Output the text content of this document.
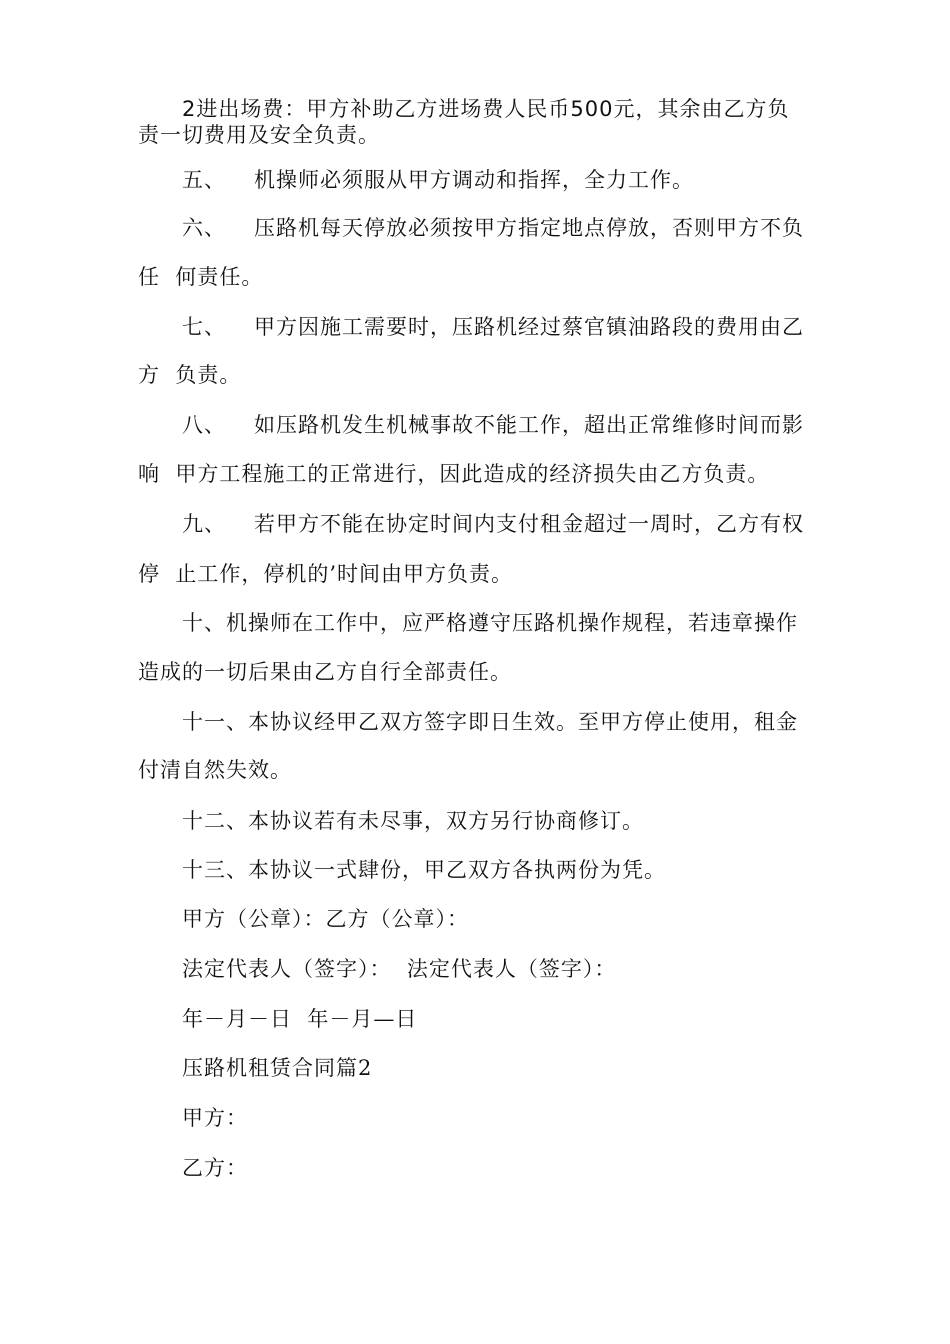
2进出场费：甲方补助乙方进场费人民币500元，其余由乙方负
责一切费用及安全负责。
五、 机操师必须服从甲方调动和指挥，全力工作。
六、 压路机每天停放必须按甲方指定地点停放，否则甲方不负
任  何责任。
七、 甲方因施工需要时，压路机经过蔡官镇油路段的费用由乙
方  负责。
八、 如压路机发生机械事故不能工作，超出正常维修时间而影
响  甲方工程施工的正常进行，因此造成的经济损失由乙方负责。
九、 若甲方不能在协定时间内支付租金超过一周时，乙方有权
停  止工作，停机的’时间由甲方负责。
十、机操师在工作中，应严格遵守压路机操作规程，若违章操作
造成的一切后果由乙方自行全部责任。
十一、本协议经甲乙双方签字即日生效。至甲方停止使用，租金
付清自然失效。
十二、本协议若有未尽事，双方另行协商修订。
十三、本协议一式肆份，甲乙双方各执两份为凭。
甲方（公章）：乙方（公章）：
法定代表人（签字）：  法定代表人（签字）：
年－月－日  年－月—日
压路机租赁合同篇2
甲方：
乙方：
